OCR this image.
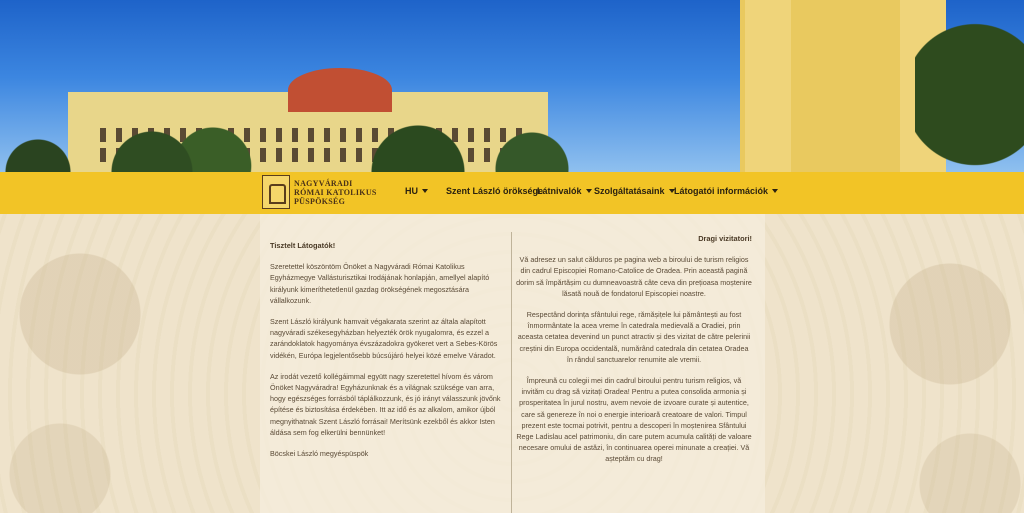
NAGYVÁRADI
RÓMAI KATOLIKUS
PÜSPÖKSÉG
HU	Szent László öröksége
Látnivalók Szolgáltatásaink Látogatói információk
Tisztelt Látogatók!

Szeretettel köszöntöm Önöket a Nagyváradi Római Katolikus Egyházmegye Vallásturisztikai Irodájának honlapján, amellyel alapító királyunk kimeríthetetlenül gazdag örökségének megosztására vállalkozunk.

Szent László királyunk hamvait végakarata szerint az általa alapított nagyváradi székesegyházban helyezték örök nyugalomra, és ezzel a zarándoklatok hagyománya évszázadokra gyökeret vert a Sebes-Körös vidékén, Európa legjelentősebb búcsújáró helyei közé emelve Váradot.

Az irodát vezető kollégáimmal együtt nagy szeretettel hívom és várom Önöket Nagyváradra! Egyházunknak és a világnak szüksége van arra, hogy egészséges forrásból táplálkozzunk, és jó irányt válasszunk jövőnk építése és biztosítása érdekében. Itt az idő és az alkalom, amikor újból megnyithatnak Szent László forrásai! Merítsünk ezekből és akkor Isten áldása sem fog elkerülni bennünket!

Böcskei László megyéspüspök

Dragi vizitatori!

Vă adresez un salut călduros pe pagina web a biroului de turism religios din cadrul Episcopiei Romano-Catolice de Oradea. Prin această pagină dorim să împărtășim cu dumneavoastră câte ceva din prețioasa moștenire lăsată nouă de fondatorul Episcopiei noastre.

Respectând dorința sfântului rege, rămășițele lui pământești au fost înmormântate la acea vreme în catedrala medievală a Oradiei, prin aceasta cetatea devenind un punct atractiv și des vizitat de către pelerinii creștini din Europa occidentală, numărând catedrala din cetatea Oradea în rândul sanctuarelor renumite ale vremii.

Împreună cu colegii mei din cadrul biroului pentru turism religios, vă invităm cu drag să vizitați Oradea! Pentru a putea consolida armonia și prosperitatea în jurul nostru, avem nevoie de izvoare curate și autentice, care să genereze în noi o energie interioară creatoare de valori. Timpul prezent este tocmai potrivit, pentru a descoperi în moștenirea Sfântului Rege Ladislau acel patrimoniu, din care putem acumula calități de valoare necesare omului de astăzi, în continuarea operei minunate a creației. Vă așteptăm cu drag!
